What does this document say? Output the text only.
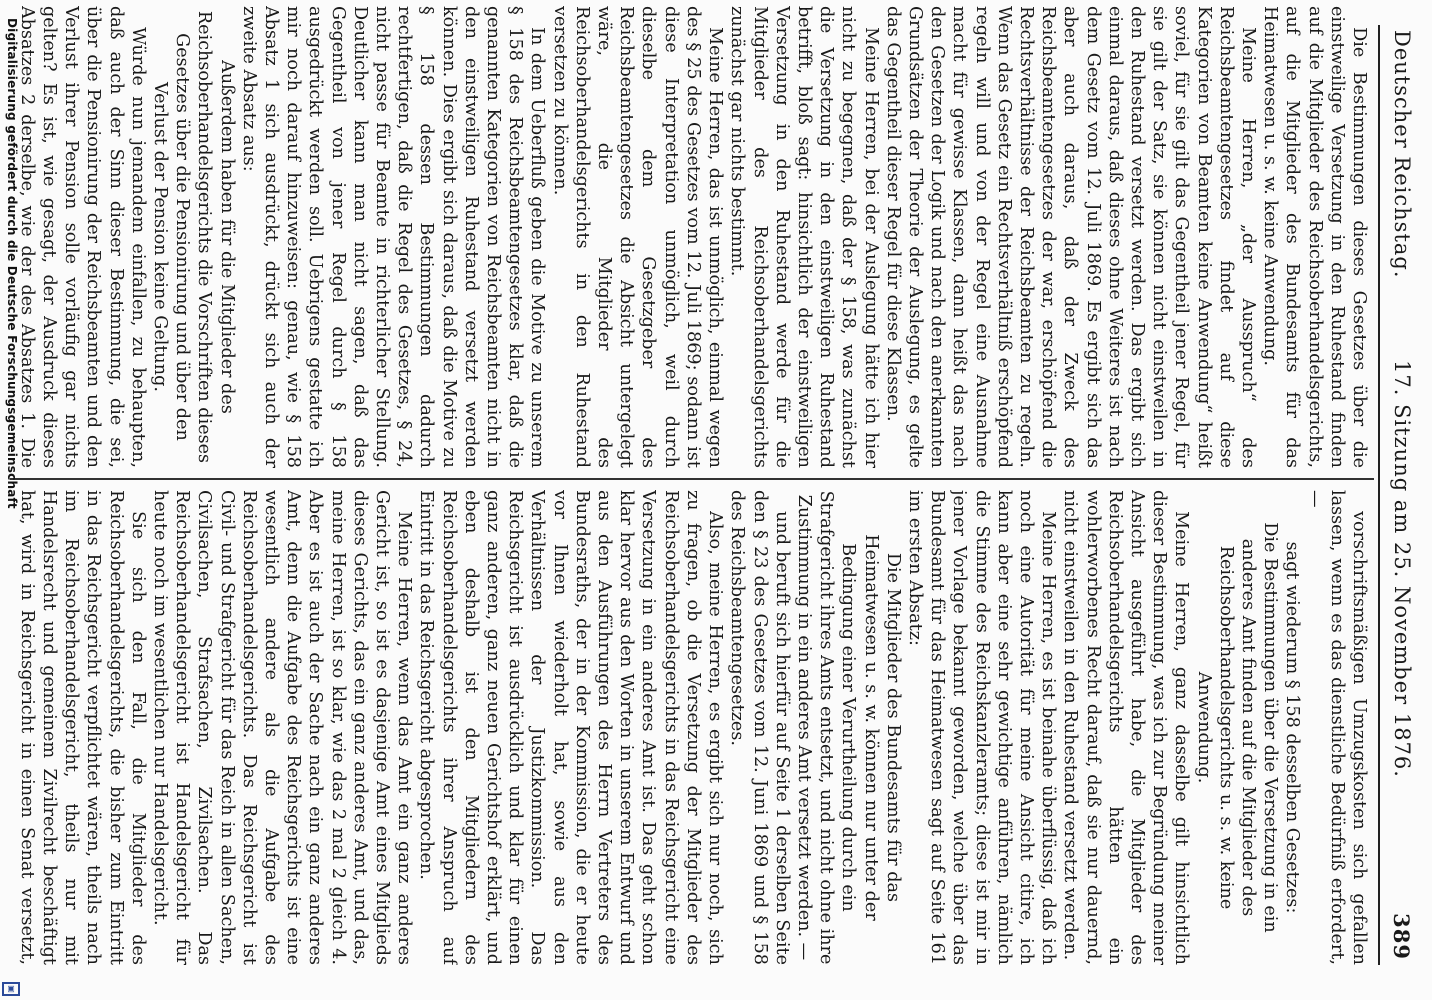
Deutscher Reichstag.
17. Sitzung am 25. November 1876.
389

Die Bestimmungen dieses Gesetzes über die einstweilige Versetzung in den Ruhestand finden auf die Mitglieder des Reichsoberhandelsgerichts, auf die Mitglieder des Bundesamts für das Heimatwesen u. s. w. keine Anwendung.

Meine Herren, „der Ausspruch“ des Reichsbeamtengesetzes findet auf diese Kategorien von Beamten keine Anwendung“ heißt soviel, für sie gilt das Gegentheil jener Regel, für sie gilt der Satz, sie können nicht einstweilen in den Ruhestand versetzt werden. Das ergibt sich einmal daraus, daß dieses ohne Weiteres ist nach dem Gesetz vom 12. Juli 1869. Es ergibt sich das aber auch daraus, daß der Zweck des Reichsbeamtengesetzes der war, erschöpfend die Rechtsverhältnisse der Reichsbeamten zu regeln. Wenn das Gesetz ein Rechtsverhältniß erschöpfend regeln will und von der Regel eine Ausnahme macht für gewisse Klassen, dann heißt das nach den Gesetzen der Logik und nach den anerkannten Grundsätzen der Theorie der Auslegung, es gelte das Gegentheil dieser Regel für diese Klassen.

Meine Herren, bei der Auslegung hätte ich hier nicht zu begegnen, daß der § 158, was zunächst die Versetzung in den einstweiligen Ruhestand betrifft, bloß sagt: hinsichtlich der einstweiligen Versetzung in den Ruhestand werde für die Mitglieder des Reichsoberhandelsgerichts zunächst gar nichts bestimmt.

Meine Herren, das ist unmöglich, einmal wegen des § 25 des Gesetzes vom 12. Juli 1869; sodann ist diese Interpretation unmöglich, weil durch dieselbe dem Gesetzgeber des Reichsbeamtengesetzes die Absicht untergelegt wäre, die Mitglieder des Reichsoberhandelsgerichts in den Ruhestand versetzen zu können.

In dem Ueberfluß geben die Motive zu unserem § 158 des Reichsbeamtengesetzes klar, daß die genannten Kategorien von Reichsbeamten nicht in den einstweiligen Ruhestand versetzt werden können. Dies ergibt sich daraus, daß die Motive zu § 158 dessen Bestimmungen dadurch rechtfertigen, daß die Regel des Gesetzes, § 24, nicht passe für Beamte in richterlicher Stellung. Deutlicher kann man nicht sagen, daß das Gegentheil von jener Regel durch § 158 ausgedrückt werden soll. Uebrigens gestatte ich mir noch darauf hinzuweisen: genau, wie § 158 Absatz 1 sich ausdrückt, drückt sich auch der zweite Absatz aus:

Außerdem haben für die Mitglieder des Reichsoberhandelsgerichts die Vorschriften dieses Gesetzes über die Pensionirung und über den Verlust der Pension keine Geltung.

Würde nun jemandem einfallen, zu behaupten, daß auch der Sinn dieser Bestimmung, die sei, über die Pensionirung der Reichsbeamten und den Verlust ihrer Pension solle vorläufig gar nichts gelten? Es ist, wie gesagt, der Ausdruck dieses Absatzes 2 derselbe, wie der des Absatzes 1. Die

vorschriftsmäßigen Umzugskosten sich gefallen lassen, wenn es das dienstliche Bedürfniß erfordert, —

sagt wiederum § 158 desselben Gesetzes:

Die Bestimmungen über die Versetzung in ein anderes Amt finden auf die Mitglieder des Reichsoberhandelsgerichts u. s. w. keine Anwendung.

Meine Herren, ganz dasselbe gilt hinsichtlich dieser Bestimmung, was ich zur Begründung meiner Ansicht ausgeführt habe, die Mitglieder des Reichsoberhandelsgerichts hätten ein wohlerworbenes Recht darauf, daß sie nur dauernd, nicht einstweilen in den Ruhestand versetzt werden.

Meine Herren, es ist beinahe überflüssig, daß ich noch eine Autorität für meine Ansicht citire, ich kann aber eine sehr gewichtige anführen, nämlich die Stimme des Reichskanzleramts; diese ist mir in jener Vorlage bekannt geworden, welche über das Bundesamt für das Heimatwesen sagt auf Seite 161 im ersten Absatz:

Die Mitglieder des Bundesamts für das Heimatwesen u. s. w. können nur unter der Bedingung einer Verurtheilung durch ein Strafgericht ihres Amts entsetzt, und nicht ohne ihre Zustimmung in ein anderes Amt versetzt werden. —

und beruft sich hierfür auf Seite 1 derselben Seite den § 23 des Gesetzes vom 12. Juni 1869 und § 158 des Reichsbeamtengesetzes.

Also, meine Herren, es ergibt sich nur noch, sich zu fragen, ob die Versetzung der Mitglieder des Reichsoberhandelsgerichts in das Reichsgericht eine Versetzung in ein anderes Amt ist. Das geht schon klar hervor aus den Worten in unserem Entwurf und aus den Ausführungen des Herrn Vertreters des Bundesraths, der in der Kommission, die er heute vor Ihnen wiederholt hat, sowie aus den Verhältnissen der Justizkommission. Das Reichsgericht ist ausdrücklich und klar für einen ganz anderen, ganz neuen Gerichtshof erklärt, und eben deshalb ist den Mitgliedern des Reichsoberhandelsgerichts ihrer Anspruch auf Eintritt in das Reichsgericht abgesprochen.

Meine Herren, wenn das Amt ein ganz anderes Gericht ist, so ist es dasjenige Amt eines Mitglieds dieses Gerichts, das ein ganz anderes Amt, und das, meine Herren, ist so klar, wie das 2 mal 2 gleich 4. Aber es ist auch der Sache nach ein ganz anderes Amt, denn die Aufgabe des Reichsgerichts ist eine wesentlich andere als die Aufgabe des Reichsoberhandelsgerichts. Das Reichsgericht ist Civil- und Strafgericht für das Reich in allen Sachen, Civilsachen, Strafsachen, Zivilsachen. Das Reichsoberhandelsgericht ist Handelsgericht für heute noch im wesentlichen nur Handelsgericht.

Sie sich den Fall, die Mitglieder des Reichsoberhandelsgerichts, die bisher zum Eintritt in das Reichsgericht verpflichtet wären, theils nach im Reichsoberhandelsgericht, theils nur mit Handelsrecht und gemeinem Zivilrecht beschäftigt hat, wird in Reichsgericht in einen Senat versetzt,

Digitalisierung gefördert durch die Deutsche Forschungsgemeinschaft
▣
